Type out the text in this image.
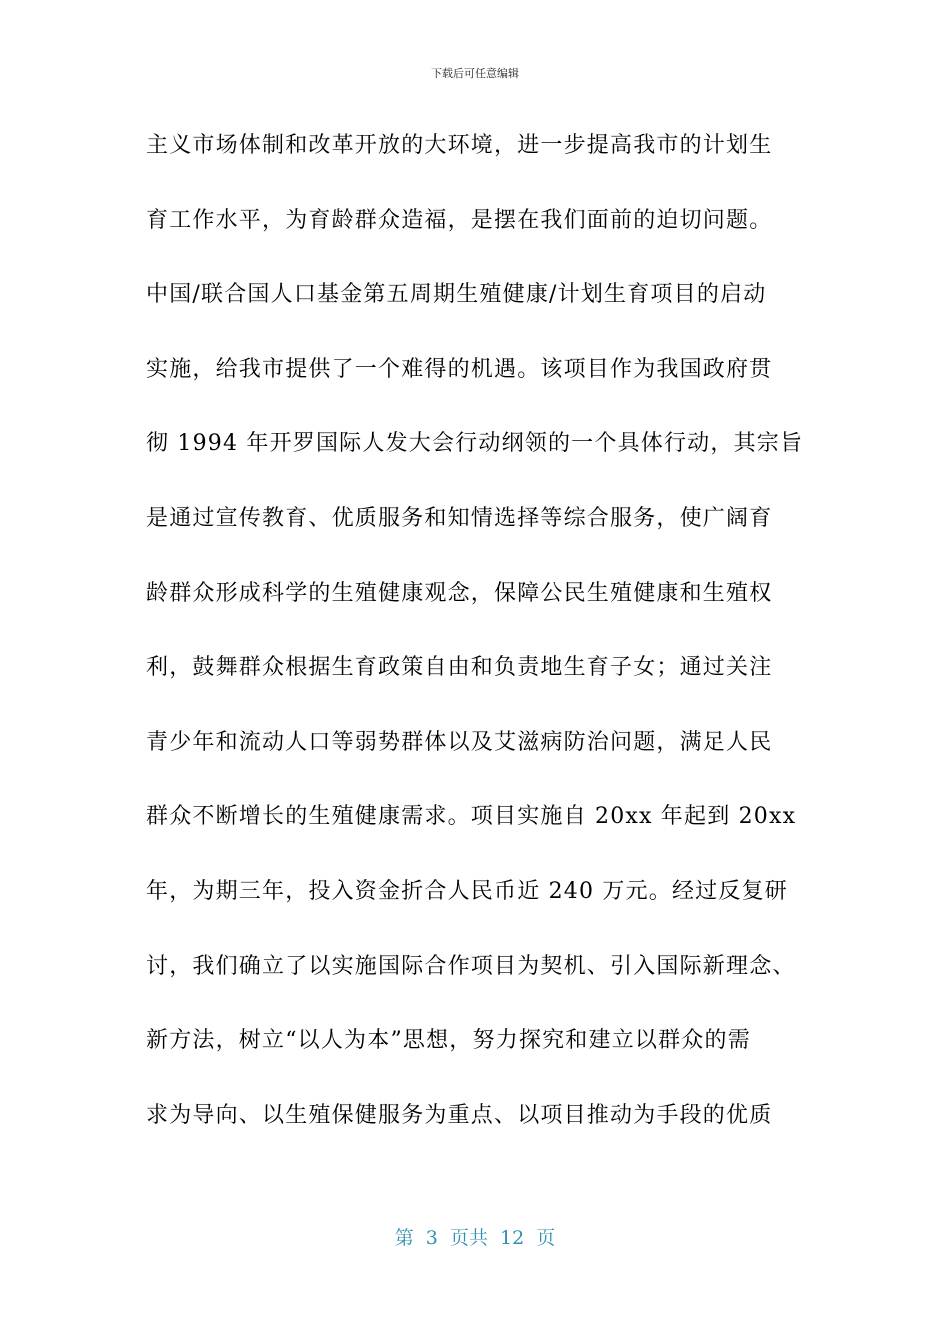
下载后可任意编辑
主义市场体制和改革开放的大环境，进一步提高我市的计划生
育工作水平，为育龄群众造福，是摆在我们面前的迫切问题。
中国/联合国人口基金第五周期生殖健康/计划生育项目的启动
实施，给我市提供了一个难得的机遇。该项目作为我国政府贯
彻 1994 年开罗国际人发大会行动纲领的一个具体行动，其宗旨
是通过宣传教育、优质服务和知情选择等综合服务，使广阔育
龄群众形成科学的生殖健康观念，保障公民生殖健康和生殖权
利，鼓舞群众根据生育政策自由和负责地生育子女；通过关注
青少年和流动人口等弱势群体以及艾滋病防治问题，满足人民
群众不断增长的生殖健康需求。项目实施自 20xx 年起到 20xx
年，为期三年，投入资金折合人民币近 240 万元。经过反复研
讨，我们确立了以实施国际合作项目为契机、引入国际新理念、
新方法，树立“以人为本”思想，努力探究和建立以群众的需
求为导向、以生殖保健服务为重点、以项目推动为手段的优质
第  3  页共  12  页
